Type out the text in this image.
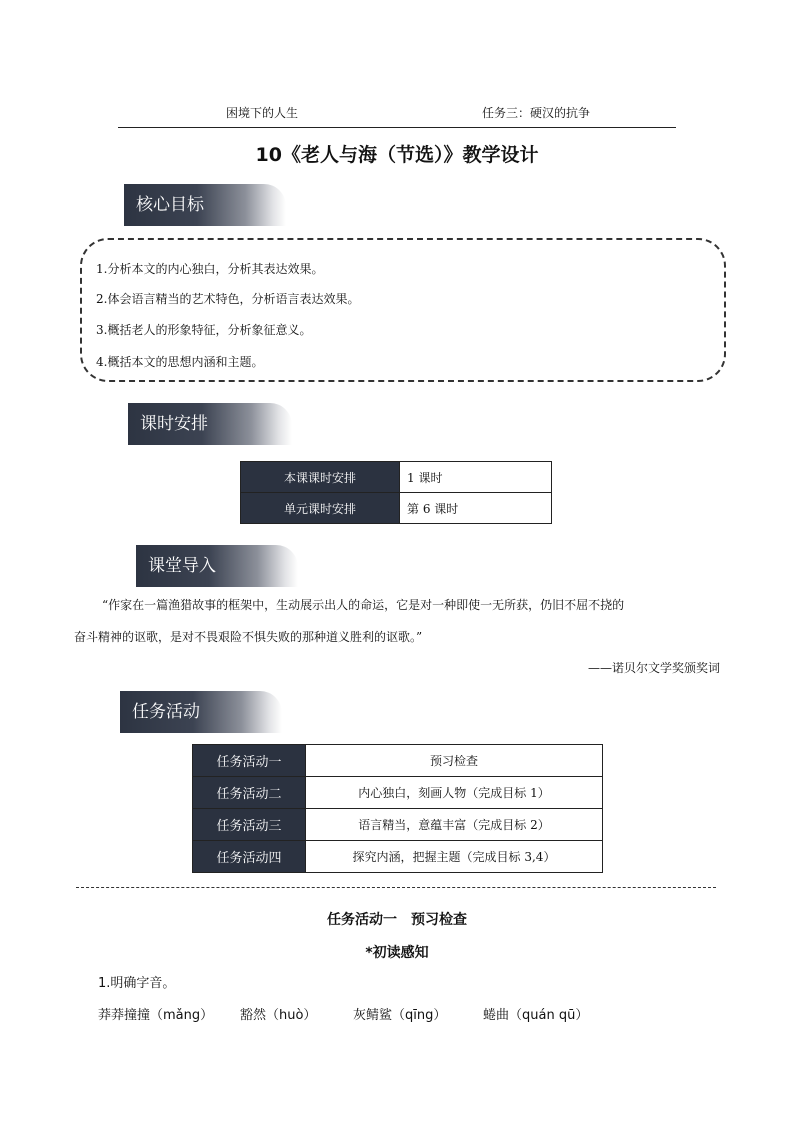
困境下的人生	任务三：硬汉的抗争
10《老人与海（节选）》教学设计
核心目标
1.分析本文的内心独白，分析其表达效果。
2.体会语言精当的艺术特色，分析语言表达效果。
3.概括老人的形象特征，分析象征意义。
4.概括本文的思想内涵和主题。
课时安排
本课课时安排	1 课时
单元课时安排	第 6 课时
课堂导入
“作家在一篇渔猎故事的框架中，生动展示出人的命运，它是对一种即使一无所获，仍旧不屈不挠的
奋斗精神的讴歌，是对不畏艰险不惧失败的那种道义胜利的讴歌。”
——诺贝尔文学奖颁奖词
任务活动
任务活动一	预习检查
任务活动二	内心独白，刻画人物（完成目标 1）
任务活动三	语言精当，意蕴丰富（完成目标 2）
任务活动四	探究内涵，把握主题（完成目标 3,4）
任务活动一　预习检查
*初读感知
1.明确字音。
莽莽撞撞（mǎng） 豁然（huò）	灰鲭鲨（qīng）	蜷曲（quán qū）
